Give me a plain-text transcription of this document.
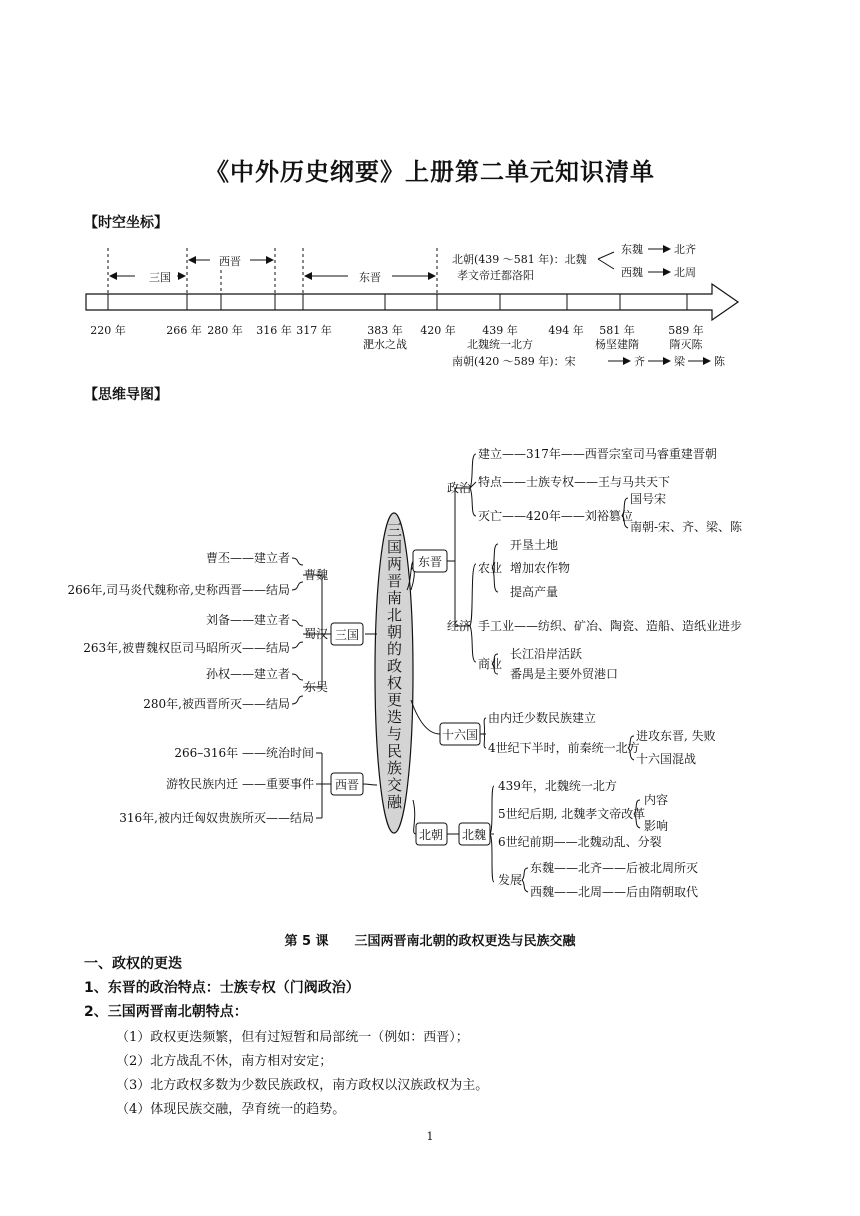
《中外历史纲要》上册第二单元知识清单
【时空坐标】
三国
西晋
东晋
北朝(439 ～581 年)：北魏
孝文帝迁都洛阳
东魏	北齐
西魏	北周
220 年	266 年 280 年 316 年 317 年	383 年 420 年 439 年	494 年 581 年	589 年
淝水之战	北魏统一北方	杨坚建隋	隋灭陈
南朝(420 ～589 年)：宋	齐	梁	陈
【思维导图】
三国两晋南北朝的政权更迭与民族交融
三国
曹魏
蜀汉
东吴
曹丕——建立者
266年,司马炎代魏称帝,史称西晋——结局
刘备——建立者
263年,被曹魏权臣司马昭所灭——结局
孙权——建立者
280年,被西晋所灭——结局
西晋
266–316年 ——统治时间
游牧民族内迁 ——重要事件
316年,被内迁匈奴贵族所灭——结局
东晋
政治
建立——317年——西晋宗室司马睿重建晋朝
特点——士族专权——王与马共天下
灭亡——420年——刘裕篡位
国号宋
南朝-宋、齐、梁、陈
经济
农业
开垦土地
增加农作物
提高产量
手工业——纺织、矿冶、陶瓷、造船、造纸业进步
商业
长江沿岸活跃
番禺是主要外贸港口
十六国
由内迁少数民族建立
4世纪下半时，前秦统一北方
进攻东晋, 失败
十六国混战
北朝 北魏
439年，北魏统一北方
5世纪后期, 北魏孝文帝改革
内容
影响
6世纪前期——北魏动乱、分裂
发展
东魏——北齐——后被北周所灭
西魏——北周——后由隋朝取代
第 5 课　　三国两晋南北朝的政权更迭与民族交融
一、政权的更迭
1、东晋的政治特点：士族专权（门阀政治）
2、三国两晋南北朝特点：
（1）政权更迭频繁，但有过短暂和局部统一（例如：西晋）；
（2）北方战乱不休，南方相对安定；
（3）北方政权多数为少数民族政权，南方政权以汉族政权为主。
（4）体现民族交融，孕育统一的趋势。
1
